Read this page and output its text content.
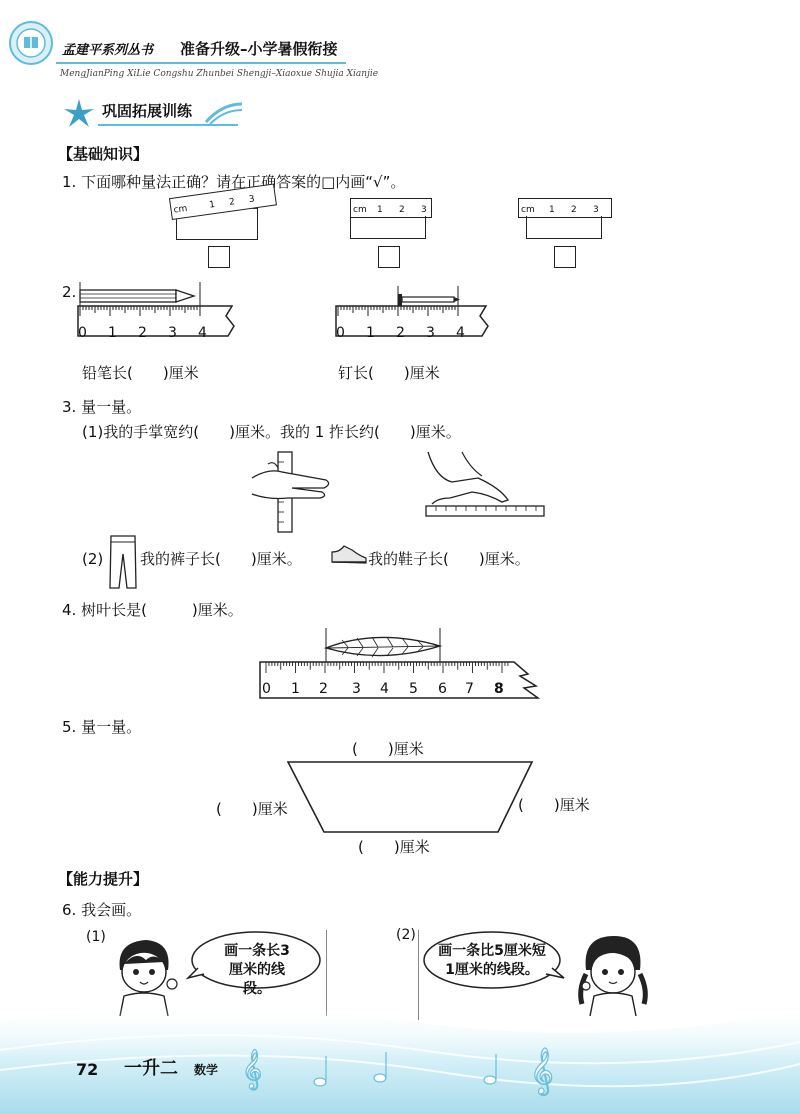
孟建平系列丛书 准备升级–小学暑假衔接
MengJianPing XiLie Congshu Zhunbei Shengji–Xiaoxue Shujia Xianjie
巩固拓展训练
【基础知识】
1. 下面哪种量法正确？请在正确答案的□内画“√”。
cm 1 2 3
cm 1 2 3	cm 1 2 3
2.
0 1 2 3 4
铅笔长(　　)厘米
0 1 2 3 4
钉长(　　)厘米
3. 量一量。
(1)我的手掌宽约(　　)厘米。我的 1 拃长约(　　)厘米。
(2) 我的裤子长(　　)厘米。	我的鞋子长(　　)厘米。
4. 树叶长是(　　　)厘米。
0 1 2 3 4 5 6 7 8
5. 量一量。
(　　)厘米
(　　)厘米	(　　)厘米
(　　)厘米
【能力提升】
6. 我会画。
(1)
画一条长3厘米的线段。
(2)
画一条比5厘米短1厘米的线段。
𝄞	𝄞
72 一升二 数学
